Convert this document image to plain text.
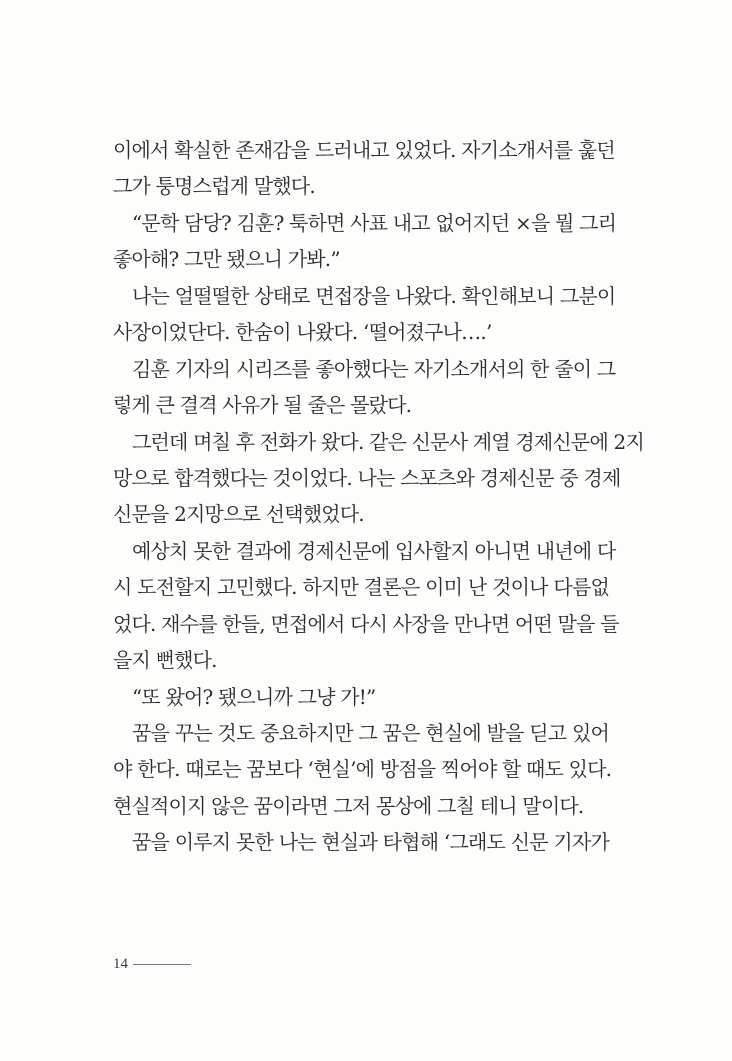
이에서 확실한 존재감을 드러내고 있었다. 자기소개서를 훑던
그가 퉁명스럽게 말했다.
“문학 담당? 김훈? 툭하면 사표 내고 없어지던 ×을 뭘 그리
좋아해? 그만 됐으니 가봐.”
나는 얼떨떨한 상태로 면접장을 나왔다. 확인해보니 그분이
사장이었단다. 한숨이 나왔다. ‘떨어졌구나….’
김훈 기자의 시리즈를 좋아했다는 자기소개서의 한 줄이 그
렇게 큰 결격 사유가 될 줄은 몰랐다.
그런데 며칠 후 전화가 왔다. 같은 신문사 계열 경제신문에 2지
망으로 합격했다는 것이었다. 나는 스포츠와 경제신문 중 경제
신문을 2지망으로 선택했었다.
예상치 못한 결과에 경제신문에 입사할지 아니면 내년에 다
시 도전할지 고민했다. 하지만 결론은 이미 난 것이나 다름없
었다. 재수를 한들, 면접에서 다시 사장을 만나면 어떤 말을 들
을지 뻔했다.
“또 왔어? 됐으니까 그냥 가!”
꿈을 꾸는 것도 중요하지만 그 꿈은 현실에 발을 딛고 있어
야 한다. 때로는 꿈보다 ‘현실’에 방점을 찍어야 할 때도 있다.
현실적이지 않은 꿈이라면 그저 몽상에 그칠 테니 말이다.
꿈을 이루지 못한 나는 현실과 타협해 ‘그래도 신문 기자가
14
